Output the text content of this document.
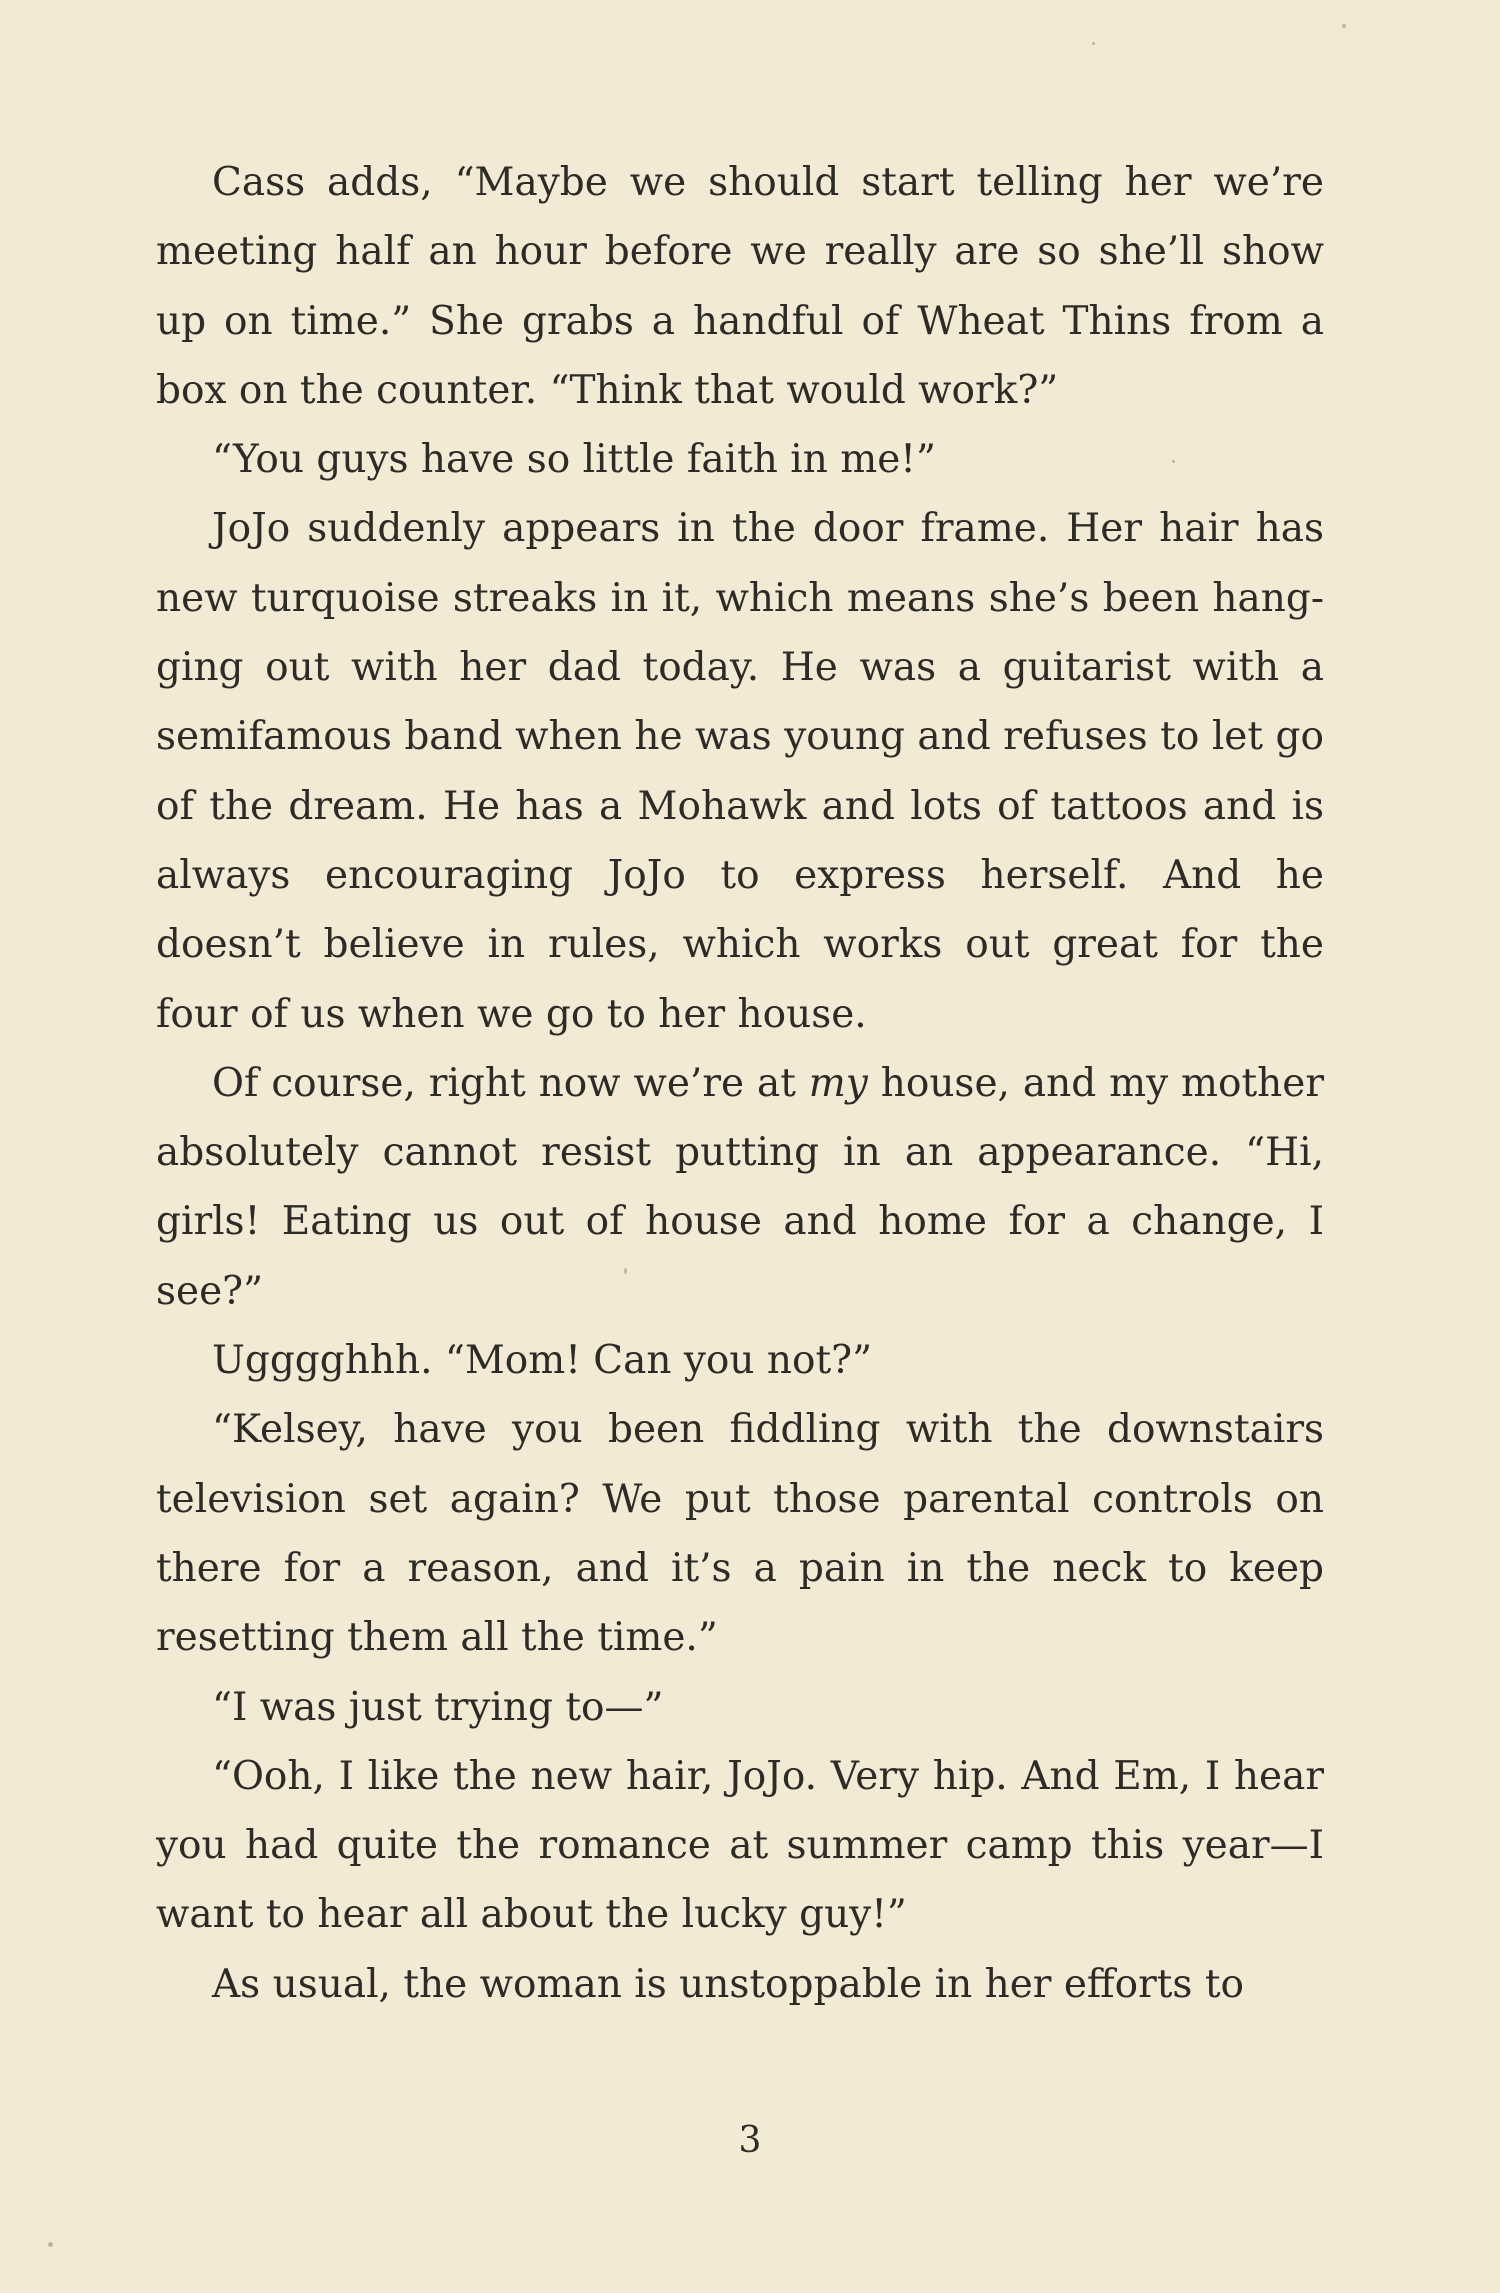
Cass adds, “Maybe we should start telling her we’re meeting half an hour before we really are so she’ll show up on time.” She grabs a handful of Wheat Thins from a box on the counter. “Think that would work?”

“You guys have so little faith in me!”

JoJo suddenly appears in the door frame. Her hair has new turquoise streaks in it, which means she’s been hangging out with her dad today. He was a guitarist with a semifamous band when he was young and refuses to let go of the dream. He has a Mohawk and lots of tattoos and is always encouraging JoJo to express herself. And he doesn’t believe in rules, which works out great for the four of us when we go to her house.

Of course, right now we’re at my house, and my mother absolutely cannot resist putting in an appearance. “Hi, girls! Eating us out of house and home for a change, I see?”

Ugggghhh. “Mom! Can you not?”

“Kelsey, have you been fiddling with the downstairs television set again? We put those parental controls on there for a reason, and it’s a pain in the neck to keep resetting them all the time.”

“I was just trying to—”

“Ooh, I like the new hair, JoJo. Very hip. And Em, I hear you had quite the romance at summer camp this year—I want to hear all about the lucky guy!”

As usual, the woman is unstoppable in her efforts to

3
